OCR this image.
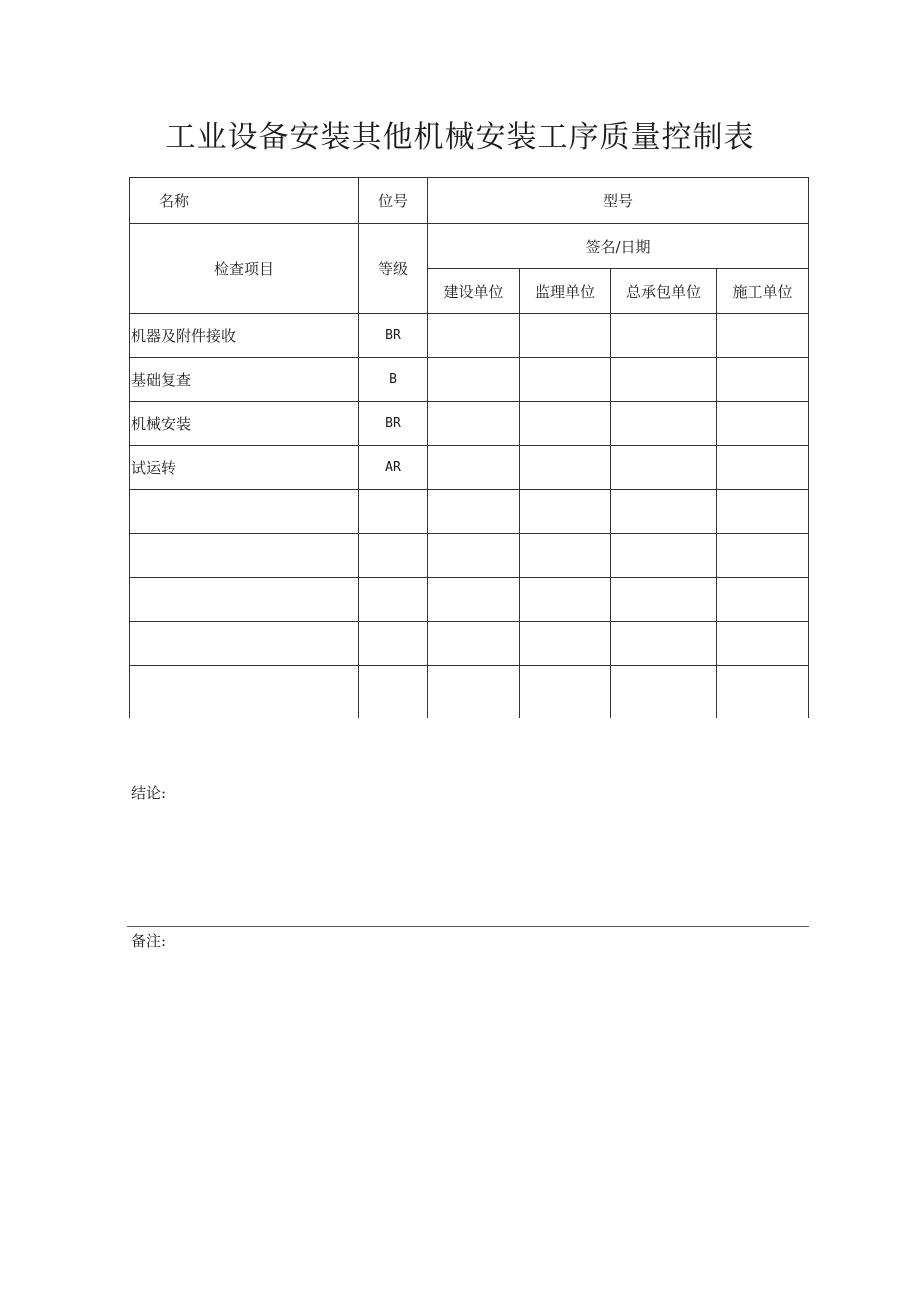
工业设备安装其他机械安装工序质量控制表
名称	位号	型号			
检查项目	等级	签名/日期			
		建设单位	监理单位	总承包单位	施工单位
机器及附件接收	BR				
基础复查	B				
机械安装	BR				
试运转	AR				

结论:
备注:
